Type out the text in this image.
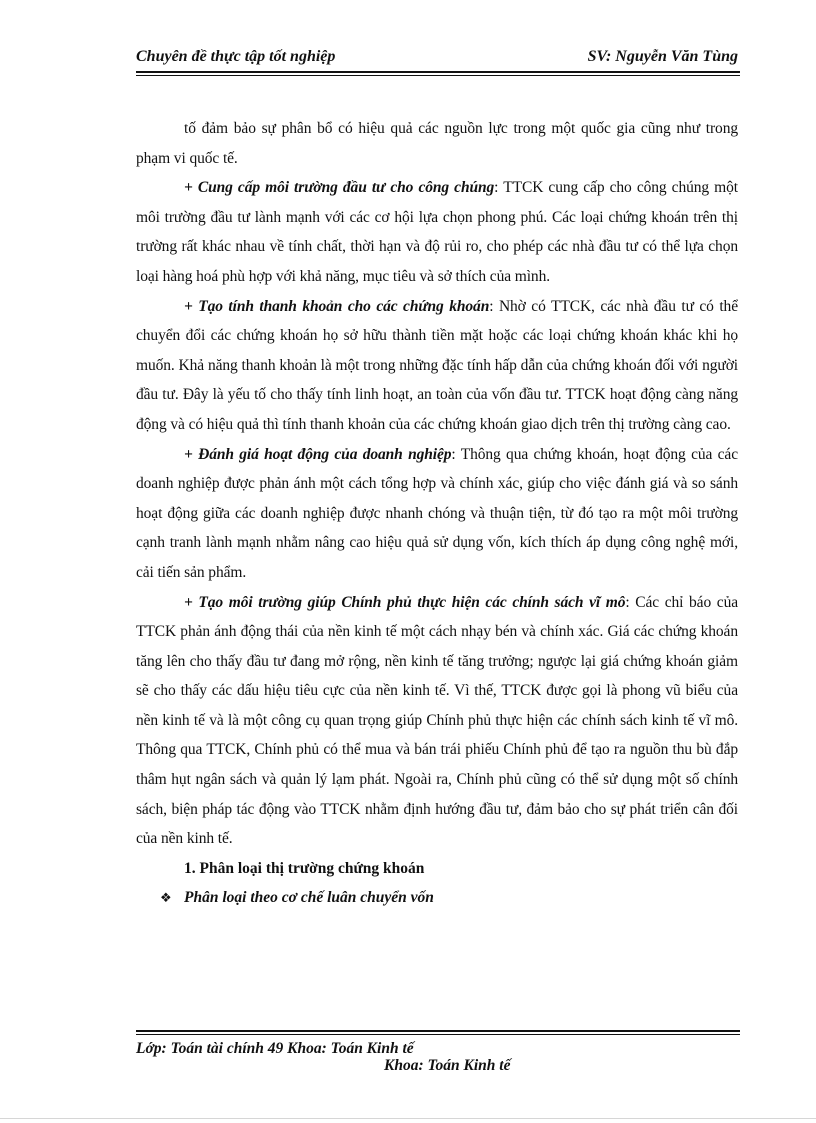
Chuyên đề thực tập tốt nghiệp	SV: Nguyễn Văn Tùng

tố đảm bảo sự phân bổ có hiệu quả các nguồn lực trong một quốc gia cũng như trong phạm vi quốc tế.

+ Cung cấp môi trường đầu tư cho công chúng: TTCK cung cấp cho công chúng một môi trường đầu tư lành mạnh với các cơ hội lựa chọn phong phú. Các loại chứng khoán trên thị trường rất khác nhau về tính chất, thời hạn và độ rủi ro, cho phép các nhà đầu tư có thể lựa chọn loại hàng hoá phù hợp với khả năng, mục tiêu và sở thích của mình.

+ Tạo tính thanh khoản cho các chứng khoán: Nhờ có TTCK, các nhà đầu tư có thể chuyển đổi các chứng khoán họ sở hữu thành tiền mặt hoặc các loại chứng khoán khác khi họ muốn. Khả năng thanh khoản là một trong những đặc tính hấp dẫn của chứng khoán đối với người đầu tư. Đây là yếu tố cho thấy tính linh hoạt, an toàn của vốn đầu tư. TTCK hoạt động càng năng động và có hiệu quả thì tính thanh khoản của các chứng khoán giao dịch trên thị trường càng cao.

+ Đánh giá hoạt động của doanh nghiệp: Thông qua chứng khoán, hoạt động của các doanh nghiệp được phản ánh một cách tổng hợp và chính xác, giúp cho việc đánh giá và so sánh hoạt động giữa các doanh nghiệp được nhanh chóng và thuận tiện, từ đó tạo ra một môi trường cạnh tranh lành mạnh nhằm nâng cao hiệu quả sử dụng vốn, kích thích áp dụng công nghệ mới, cải tiến sản phẩm.

+ Tạo môi trường giúp Chính phủ thực hiện các chính sách vĩ mô: Các chỉ báo của TTCK phản ánh động thái của nền kinh tế một cách nhạy bén và chính xác. Giá các chứng khoán tăng lên cho thấy đầu tư đang mở rộng, nền kinh tế tăng trưởng; ngược lại giá chứng khoán giảm sẽ cho thấy các dấu hiệu tiêu cực của nền kinh tế. Vì thế, TTCK được gọi là phong vũ biểu của nền kinh tế và là một công cụ quan trọng giúp Chính phủ thực hiện các chính sách kinh tế vĩ mô. Thông qua TTCK, Chính phủ có thể mua và bán trái phiếu Chính phủ để tạo ra nguồn thu bù đắp thâm hụt ngân sách và quản lý lạm phát. Ngoài ra, Chính phủ cũng có thể sử dụng một số chính sách, biện pháp tác động vào TTCK nhằm định hướng đầu tư, đảm bảo cho sự phát triển cân đối của nền kinh tế.

1. Phân loại thị trường chứng khoán

❖ Phân loại theo cơ chế luân chuyển vốn

Lớp: Toán tài chính 49 Khoa: Toán Kinh tế
Khoa: Toán Kinh tế
